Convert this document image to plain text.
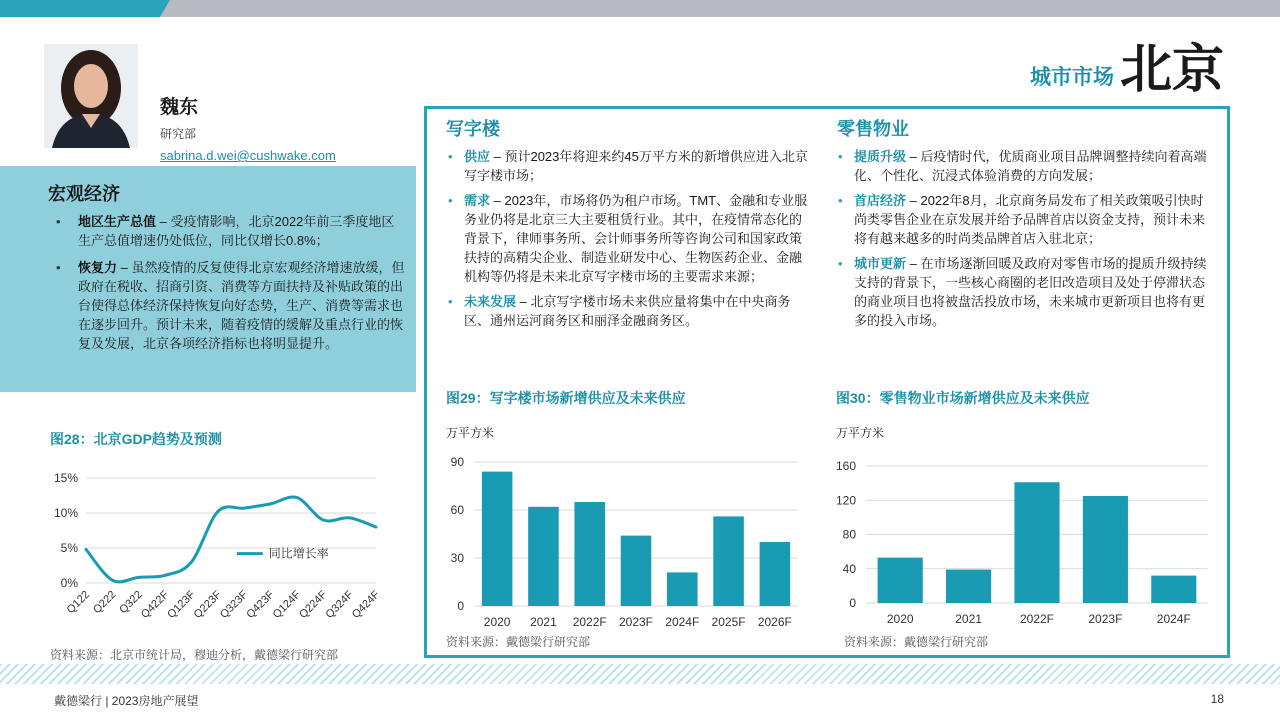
城市市场 北京
魏东
研究部
sabrina.d.wei@cushwake.com
宏观经济
• 地区生产总值 – 受疫情影响，北京2022年前三季度地区生产总值增速仍处低位，同比仅增长0.8%；
• 恢复力 – 虽然疫情的反复使得北京宏观经济增速放缓，但政府在税收、招商引资、消费等方面扶持及补贴政策的出台使得总体经济保持恢复向好态势，生产、消费等需求也在逐步回升。预计未来，随着疫情的缓解及重点行业的恢复及发展，北京各项经济指标也将明显提升。
图28：北京GDP趋势及预测
0%
5%
10%
15%
Q122
Q222
Q322
Q422F
Q123F
Q223F
Q323F
Q423F
Q124F
Q224F
Q324F
Q424F
同比增长率
资料来源：北京市统计局，穆迪分析，戴德梁行研究部
写字楼
• 供应 – 预计2023年将迎来约45万平方米的新增供应进入北京写字楼市场；
• 需求 – 2023年，市场将仍为租户市场。TMT、金融和专业服务业仍将是北京三大主要租赁行业。其中，在疫情常态化的背景下，律师事务所、会计师事务所等咨询公司和国家政策扶持的高精尖企业、制造业研发中心、生物医药企业、金融机构等仍将是未来北京写字楼市场的主要需求来源；
• 未来发展 – 北京写字楼市场未来供应量将集中在中央商务区、通州运河商务区和丽泽金融商务区。
零售物业
• 提质升级 – 后疫情时代，优质商业项目品牌调整持续向着高端化、个性化、沉浸式体验消费的方向发展；
• 首店经济 – 2022年8月，北京商务局发布了相关政策吸引快时尚类零售企业在京发展并给予品牌首店以资金支持，预计未来将有越来越多的时尚类品牌首店入驻北京；
• 城市更新 – 在市场逐渐回暖及政府对零售市场的提质升级持续支持的背景下，一些核心商圈的老旧改造项目及处于停滞状态的商业项目也将被盘活投放市场，未来城市更新项目也将有更多的投入市场。
图29：写字楼市场新增供应及未来供应
万平方米
0
30
60
90
2020 2021 2022F 2023F 2024F 2025F 2026F
资料来源：戴德梁行研究部
图30：零售物业市场新增供应及未来供应
万平方米
0
40
80
120
160
2020	2021	2022F	2023F	2024F
资料来源：戴德梁行研究部
戴德梁行 | 2023房地产展望	18
